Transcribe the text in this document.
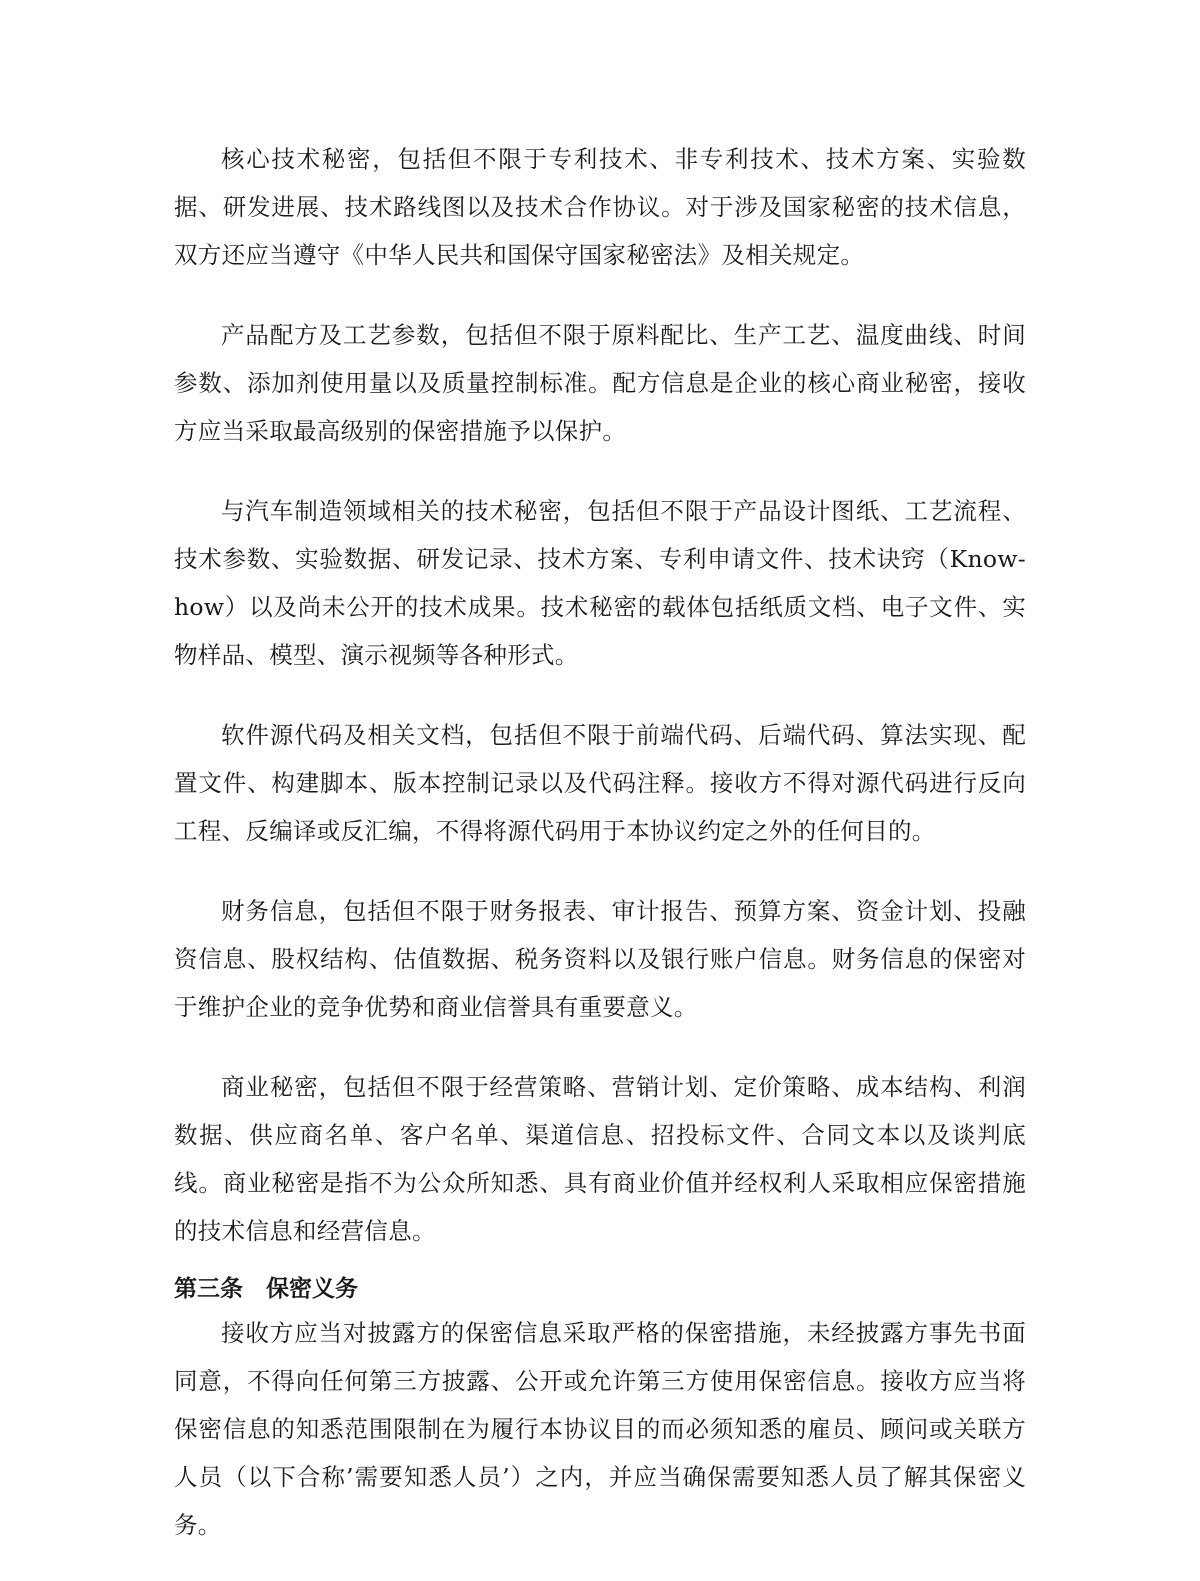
核心技术秘密，包括但不限于专利技术、非专利技术、技术方案、实验数据、研发进展、技术路线图以及技术合作协议。对于涉及国家秘密的技术信息，双方还应当遵守《中华人民共和国保守国家秘密法》及相关规定。

产品配方及工艺参数，包括但不限于原料配比、生产工艺、温度曲线、时间参数、添加剂使用量以及质量控制标准。配方信息是企业的核心商业秘密，接收方应当采取最高级别的保密措施予以保护。

与汽车制造领域相关的技术秘密，包括但不限于产品设计图纸、工艺流程、技术参数、实验数据、研发记录、技术方案、专利申请文件、技术诀窍（Know-how）以及尚未公开的技术成果。技术秘密的载体包括纸质文档、电子文件、实物样品、模型、演示视频等各种形式。

软件源代码及相关文档，包括但不限于前端代码、后端代码、算法实现、配置文件、构建脚本、版本控制记录以及代码注释。接收方不得对源代码进行反向工程、反编译或反汇编，不得将源代码用于本协议约定之外的任何目的。

财务信息，包括但不限于财务报表、审计报告、预算方案、资金计划、投融资信息、股权结构、估值数据、税务资料以及银行账户信息。财务信息的保密对于维护企业的竞争优势和商业信誉具有重要意义。

商业秘密，包括但不限于经营策略、营销计划、定价策略、成本结构、利润数据、供应商名单、客户名单、渠道信息、招投标文件、合同文本以及谈判底线。商业秘密是指不为公众所知悉、具有商业价值并经权利人采取相应保密措施的技术信息和经营信息。

第三条　保密义务

接收方应当对披露方的保密信息采取严格的保密措施，未经披露方事先书面同意，不得向任何第三方披露、公开或允许第三方使用保密信息。接收方应当将保密信息的知悉范围限制在为履行本协议目的而必须知悉的雇员、顾问或关联方人员（以下合称’需要知悉人员’）之内，并应当确保需要知悉人员了解其保密义务。
